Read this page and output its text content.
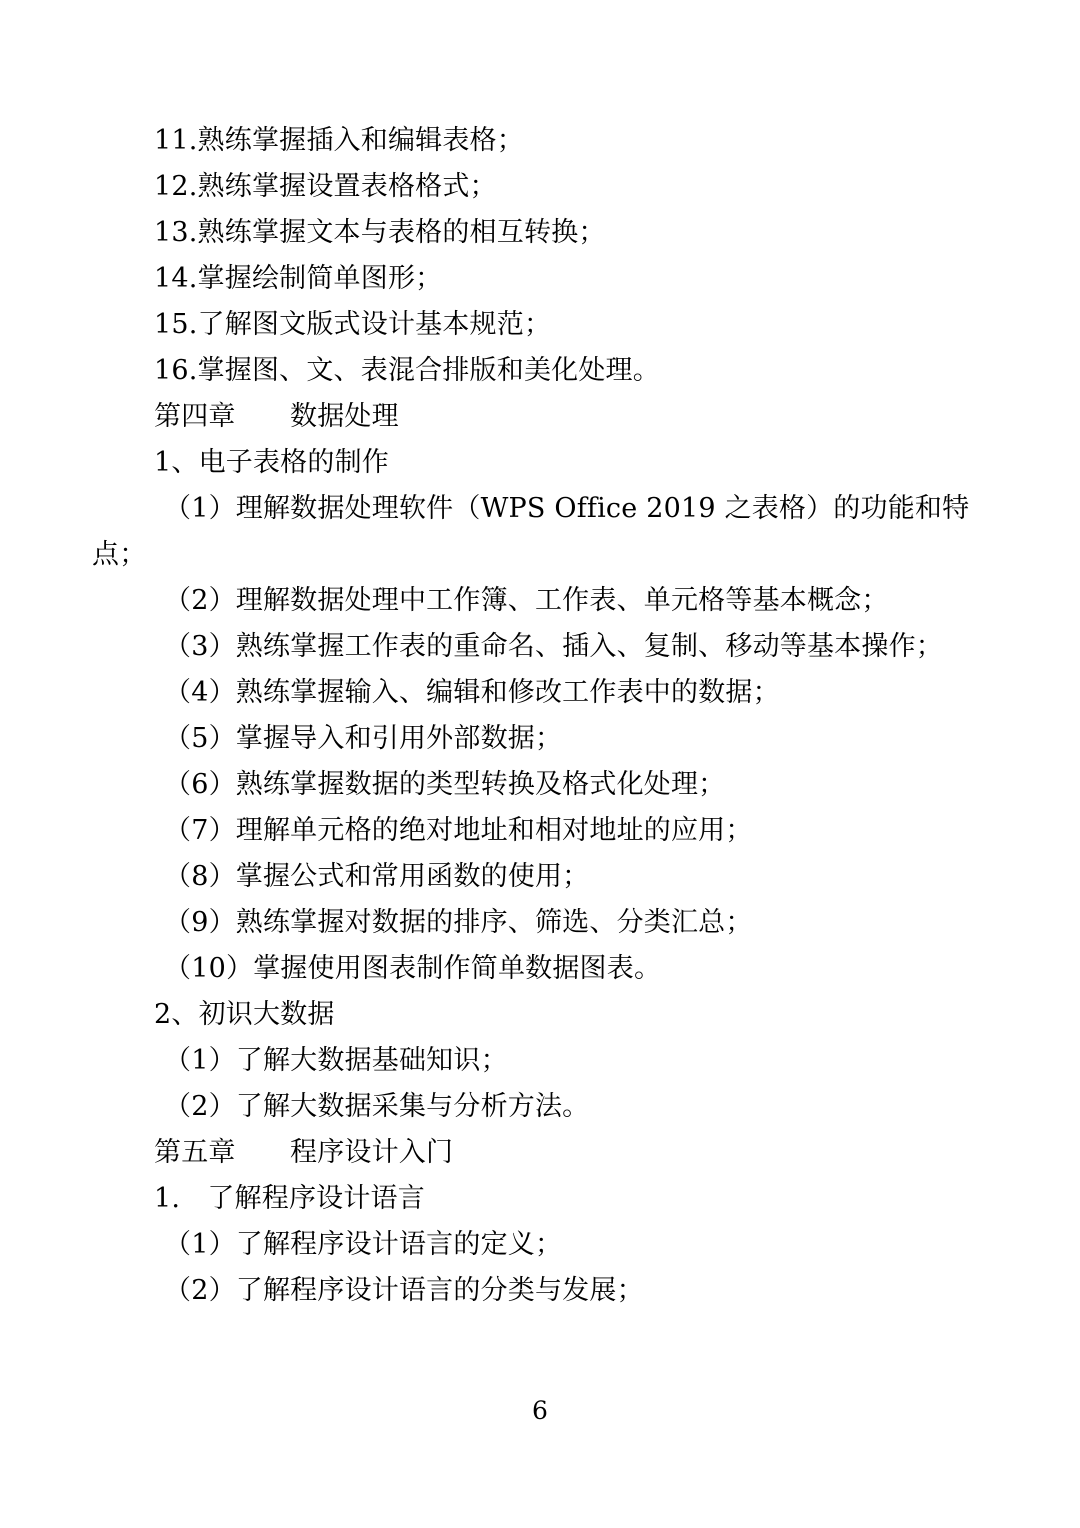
11.熟练掌握插入和编辑表格；
12.熟练掌握设置表格格式；
13.熟练掌握文本与表格的相互转换；
14.掌握绘制简单图形；
15.了解图文版式设计基本规范；
16.掌握图、文、表混合排版和美化处理。
第四章　　数据处理
1、电子表格的制作
（1）理解数据处理软件（WPS Office 2019 之表格）的功能和特
点；
（2）理解数据处理中工作簿、工作表、单元格等基本概念；
（3）熟练掌握工作表的重命名、插入、复制、移动等基本操作；
（4）熟练掌握输入、编辑和修改工作表中的数据；
（5）掌握导入和引用外部数据；
（6）熟练掌握数据的类型转换及格式化处理；
（7）理解单元格的绝对地址和相对地址的应用；
（8）掌握公式和常用函数的使用；
（9）熟练掌握对数据的排序、筛选、分类汇总；
（10）掌握使用图表制作简单数据图表。
2、初识大数据
（1）了解大数据基础知识；
（2）了解大数据采集与分析方法。
第五章　　程序设计入门
1.　了解程序设计语言
（1）了解程序设计语言的定义；
（2）了解程序设计语言的分类与发展；
6
